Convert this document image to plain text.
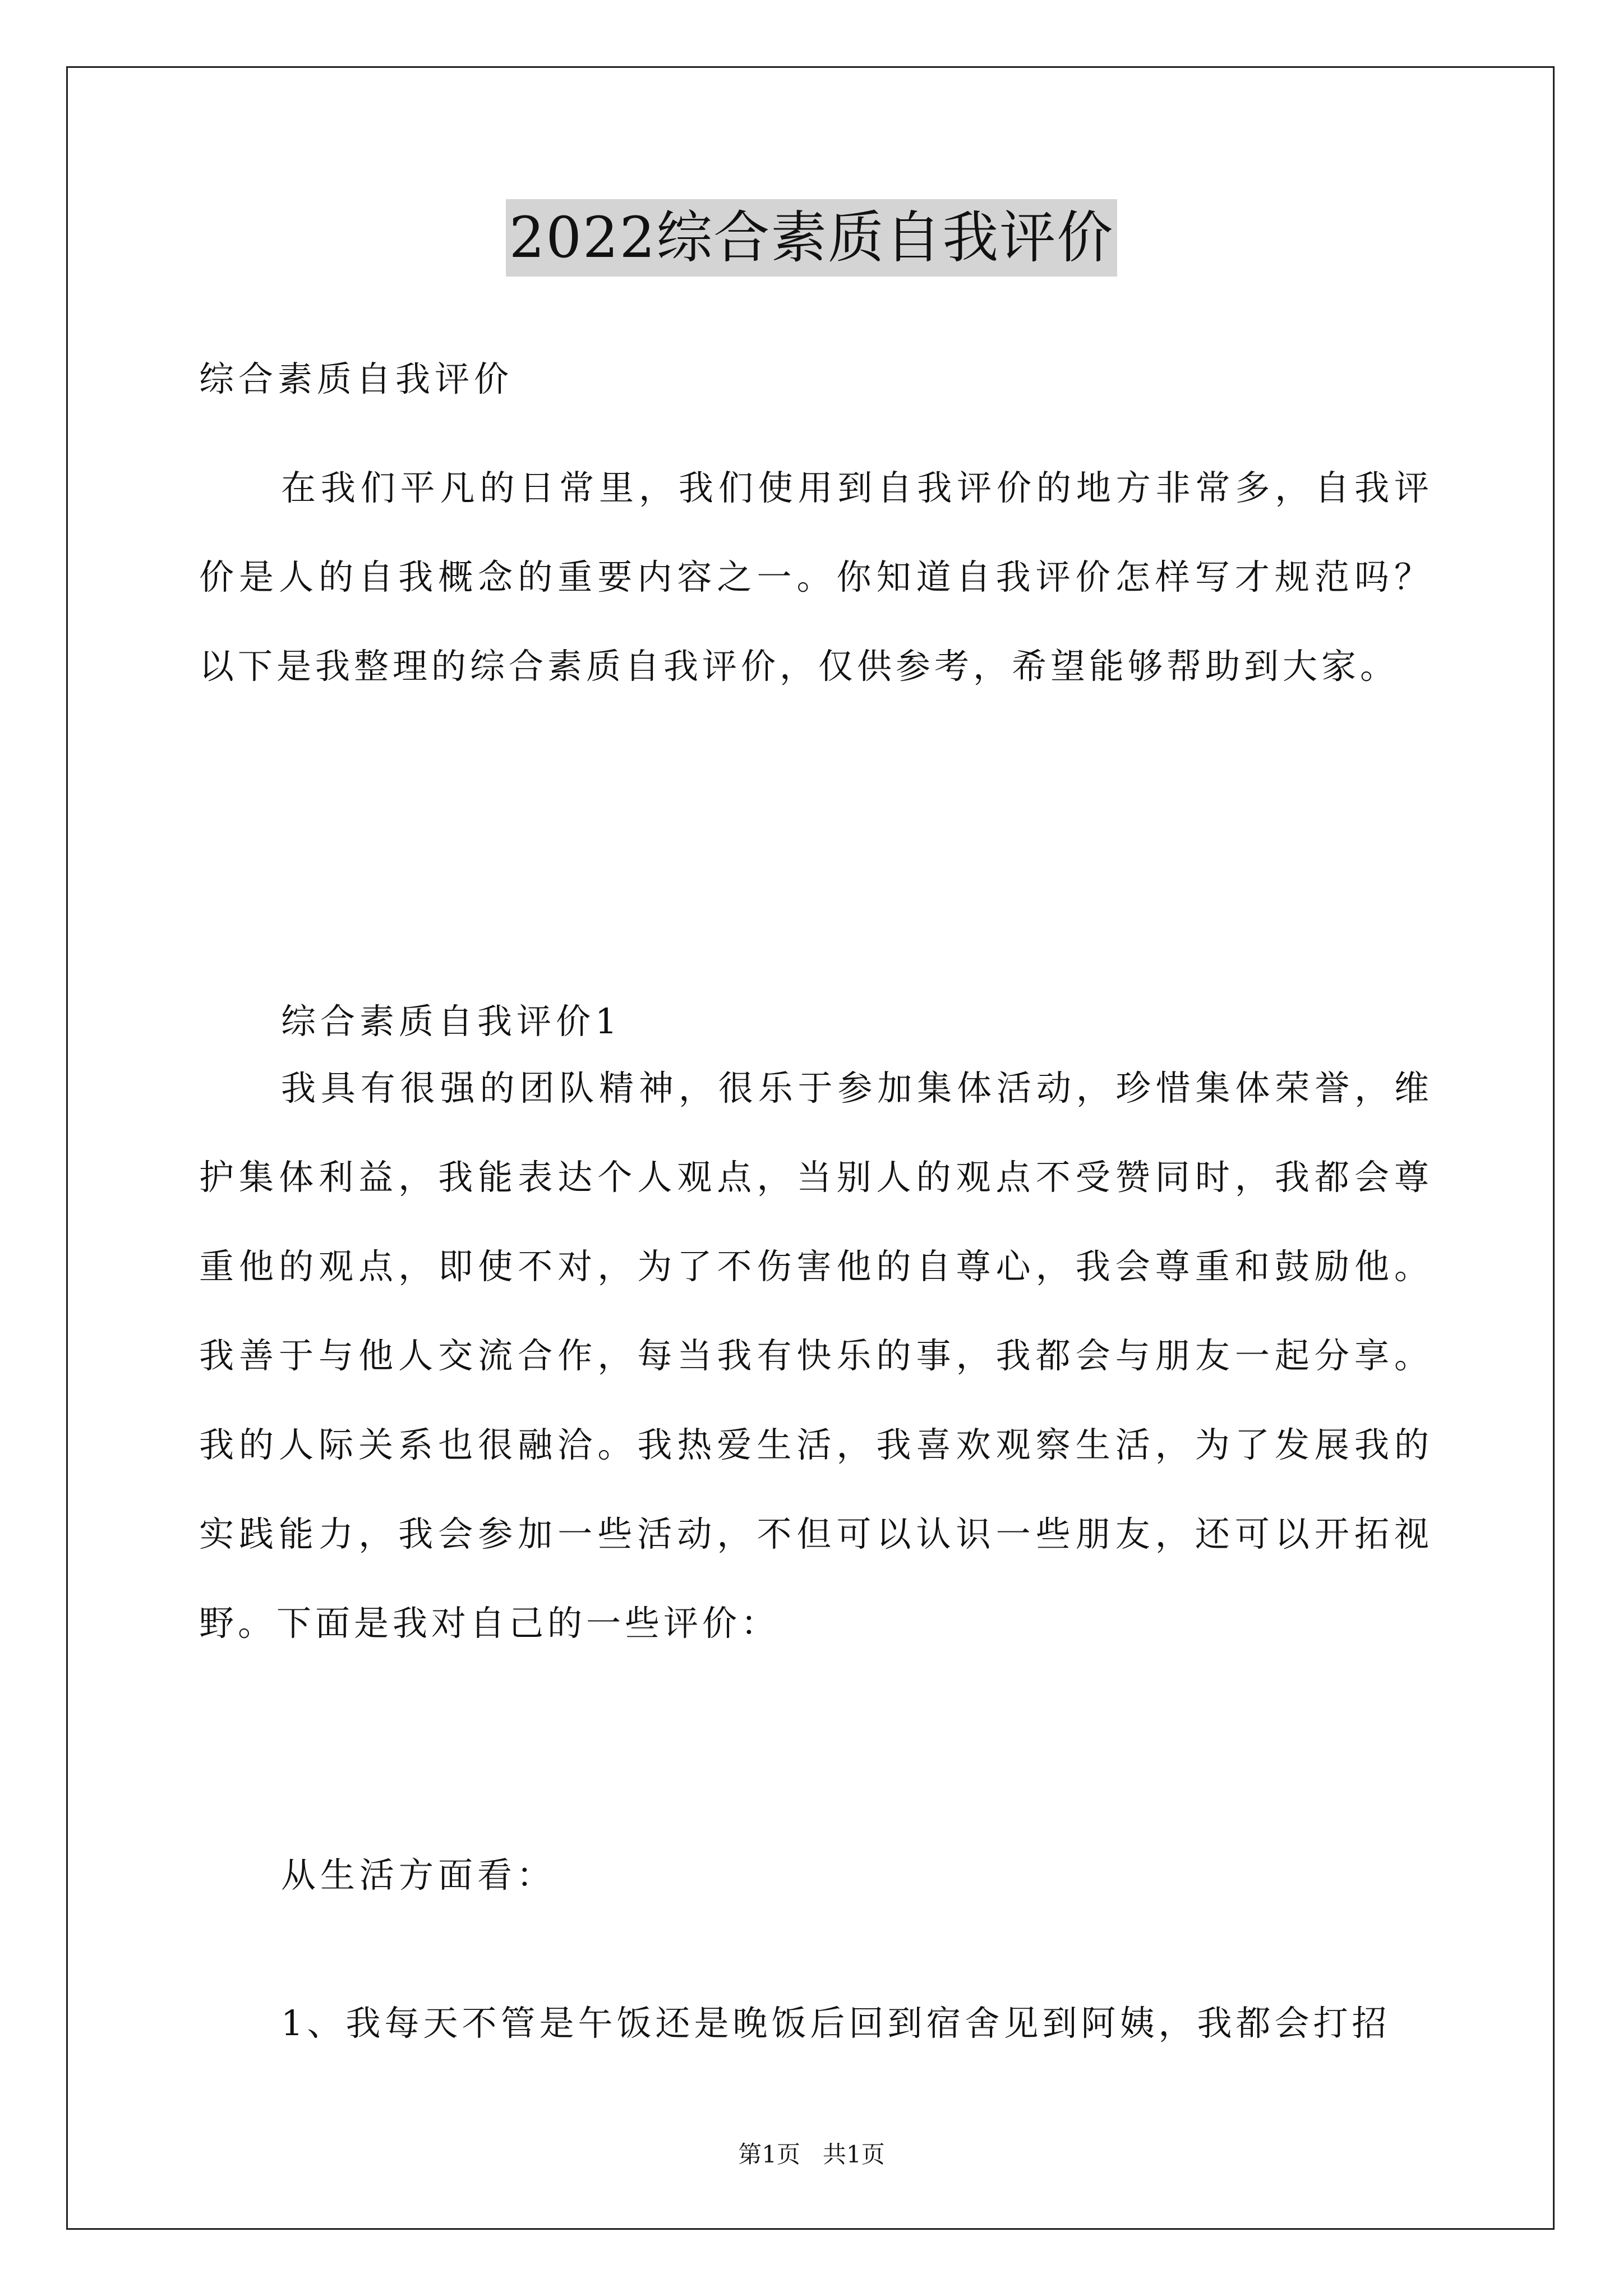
2022综合素质自我评价
综合素质自我评价

在我们平凡的日常里，我们使用到自我评价的地方非常多，自我评价是人的自我概念的重要内容之一。你知道自我评价怎样写才规范吗？以下是我整理的综合素质自我评价，仅供参考，希望能够帮助到大家。

综合素质自我评价1

我具有很强的团队精神，很乐于参加集体活动，珍惜集体荣誉，维护集体利益，我能表达个人观点，当别人的观点不受赞同时，我都会尊重他的观点，即使不对，为了不伤害他的自尊心，我会尊重和鼓励他。我善于与他人交流合作，每当我有快乐的事，我都会与朋友一起分享。我的人际关系也很融洽。我热爱生活，我喜欢观察生活，为了发展我的实践能力，我会参加一些活动，不但可以认识一些朋友，还可以开拓视野。下面是我对自己的一些评价：

从生活方面看：

1、我每天不管是午饭还是晚饭后回到宿舍见到阿姨，我都会打招

第1页   共1页
